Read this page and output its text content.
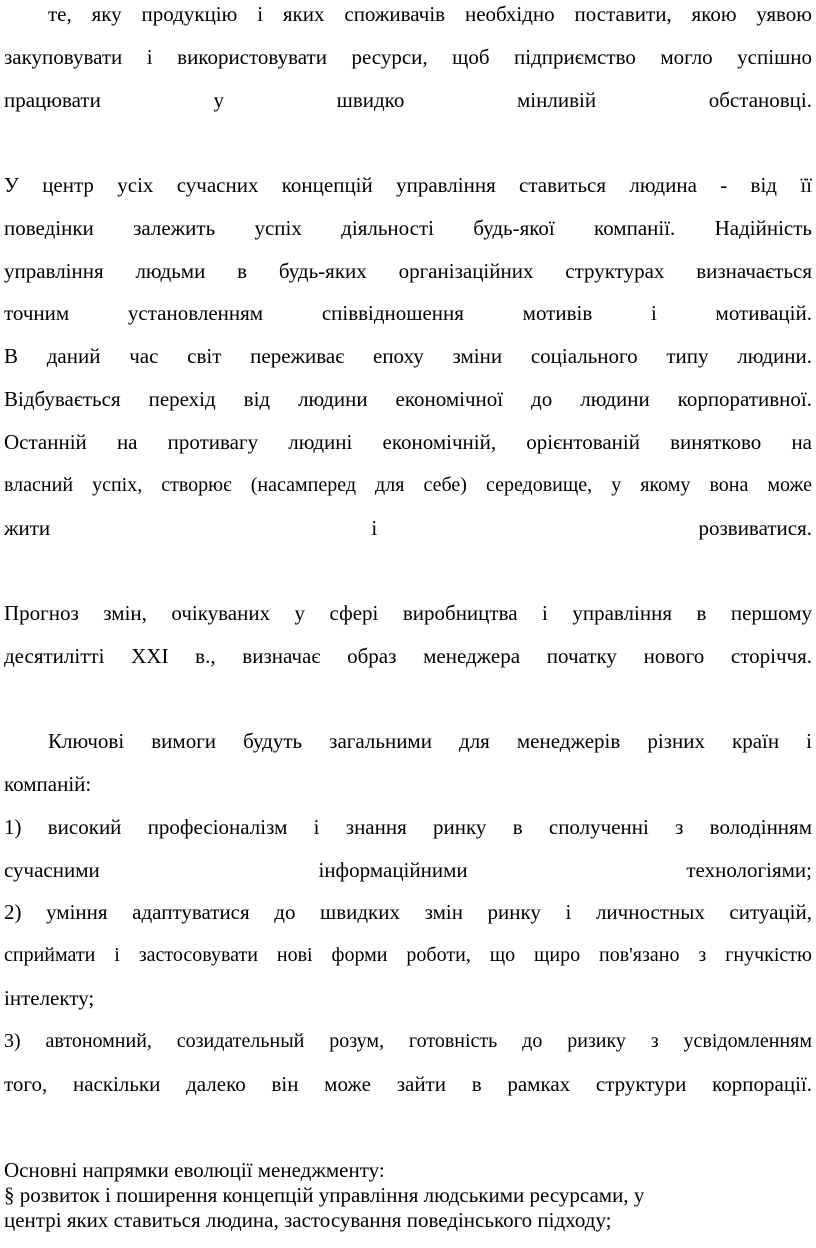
те, яку продукцію і яких споживачів необхідно поставити, якою уявою
закуповувати і використовувати ресурси, щоб підприємство могло успішно
працювати у швидко мінливій обстановці.
У центр усіх сучасних концепцій управління ставиться людина - від її
поведінки залежить успіх діяльності будь-якої компанії. Надійність
управління людьми в будь-яких організаційних структурах визначається
точним установленням співвідношення мотивів і мотивацій.
В даний час світ переживає епоху зміни соціального типу людини.
Відбувається перехід від людини економічної до людини корпоративної.
Останній на противагу людині економічній, орієнтованій винятково на
власний успіх, створює (насамперед для себе) середовище, у якому вона може
жити і розвиватися.
Прогноз змін, очікуваних у сфері виробництва і управління в першому
десятилітті XXI в., визначає образ менеджера початку нового сторіччя.
Ключові вимоги будуть загальними для менеджерів різних країн і
компаній:
1) високий професіоналізм і знання ринку в сполученні з володінням
сучасними інформаційними технологіями;
2) уміння адаптуватися до швидких змін ринку і личностных ситуацій,
сприймати і застосовувати нові форми роботи, що щиро пов'язано з гнучкістю
інтелекту;
3) автономний, созидательный розум, готовність до ризику з усвідомленням
того, наскільки далеко він може зайти в рамках структури корпорації.
Основні напрямки еволюції менеджменту:
§ розвиток і поширення концепцій управління людськими ресурсами, у
центрі яких ставиться людина, застосування поведінського підходу;
